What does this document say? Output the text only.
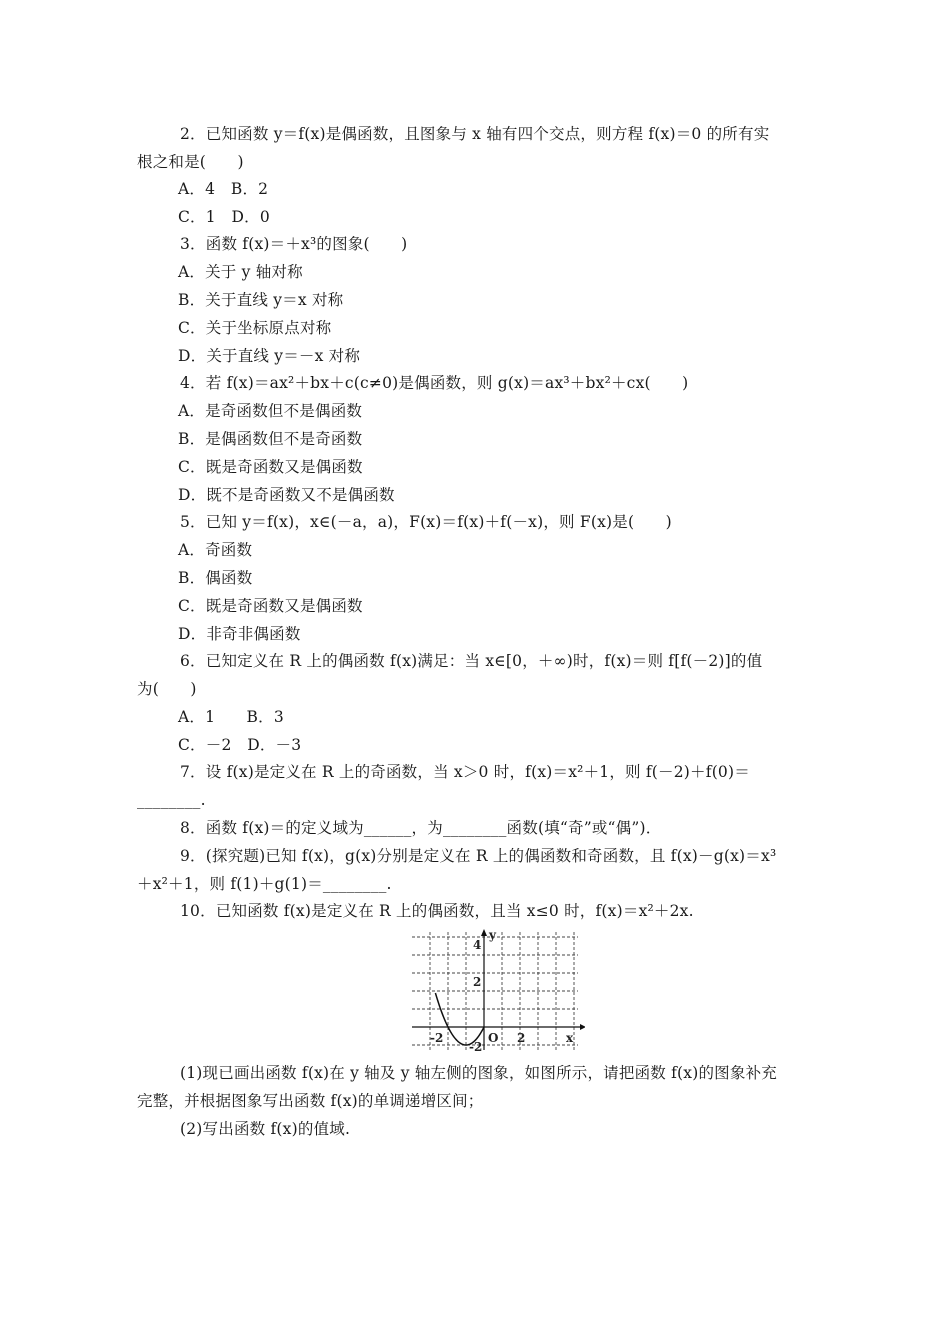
2．已知函数 y＝f(x)是偶函数，且图象与 x 轴有四个交点，则方程 f(x)＝0 的所有实
根之和是(　　)
A．4　B．2
C．1　D．0
3．函数 f(x)＝＋x³的图象(　　)
A．关于 y 轴对称
B．关于直线 y＝x 对称
C．关于坐标原点对称
D．关于直线 y＝－x 对称
4．若 f(x)＝ax²＋bx＋c(c≠0)是偶函数，则 g(x)＝ax³＋bx²＋cx(　　)
A．是奇函数但不是偶函数
B．是偶函数但不是奇函数
C．既是奇函数又是偶函数
D．既不是奇函数又不是偶函数
5．已知 y＝f(x)，x∈(－a，a)，F(x)＝f(x)＋f(－x)，则 F(x)是(　　)
A．奇函数
B．偶函数
C．既是奇函数又是偶函数
D．非奇非偶函数
6．已知定义在 R 上的偶函数 f(x)满足：当 x∈[0，＋∞)时，f(x)＝则 f[f(－2)]的值
为(　　)
A．1　　B．3
C．－2　D．－3
7．设 f(x)是定义在 R 上的奇函数，当 x＞0 时，f(x)＝x²＋1，则 f(－2)＋f(0)＝
________.
8．函数 f(x)＝的定义域为______，为________函数(填“奇”或“偶”)．
9．(探究题)已知 f(x)，g(x)分别是定义在 R 上的偶函数和奇函数，且 f(x)－g(x)＝x³
＋x²＋1，则 f(1)＋g(1)＝________.
10．已知函数 f(x)是定义在 R 上的偶函数，且当 x≤0 时，f(x)＝x²＋2x.
y
x
O
4
2
-2
-2	2
(1)现已画出函数 f(x)在 y 轴及 y 轴左侧的图象，如图所示，请把函数 f(x)的图象补充
完整，并根据图象写出函数 f(x)的单调递增区间；
(2)写出函数 f(x)的值域.
